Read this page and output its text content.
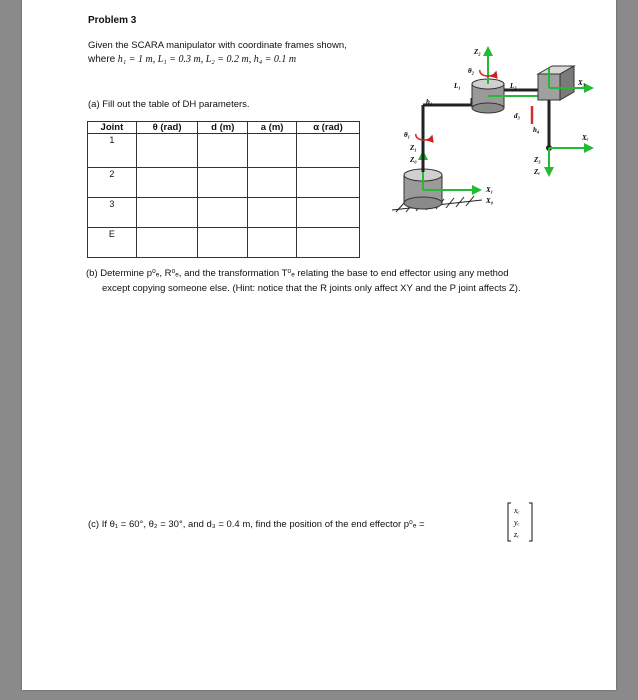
Problem 3
Given the SCARA manipulator with coordinate frames shown,
where h₁ = 1 m, L₁ = 0.3 m, L₂ = 0.2 m, h₄ = 0.1 m
(a) Fill out the table of DH parameters.
Joint	θ (rad)	d (m)	a (m)	α (rad)
1				
2				
3				
E				
h₁
L₁	L₂
θ₁
θ₂
d₃
h₄
Z₂
Z₁
Z₀	Z₃
Zₑ
X₁
X₀
X₃
Xₑ
(b) Determine p⁰ₑ, R⁰ₑ, and the transformation T⁰ₑ relating the base to end effector using any method
except copying someone else. (Hint: notice that the R joints only affect XY and the P joint affects Z).
(c) If θ₁ = 60°, θ₂ = 30°, and d₃ = 0.4 m, find the position of the end effector p⁰ₑ =
xₑ
yₑ
zₑ
